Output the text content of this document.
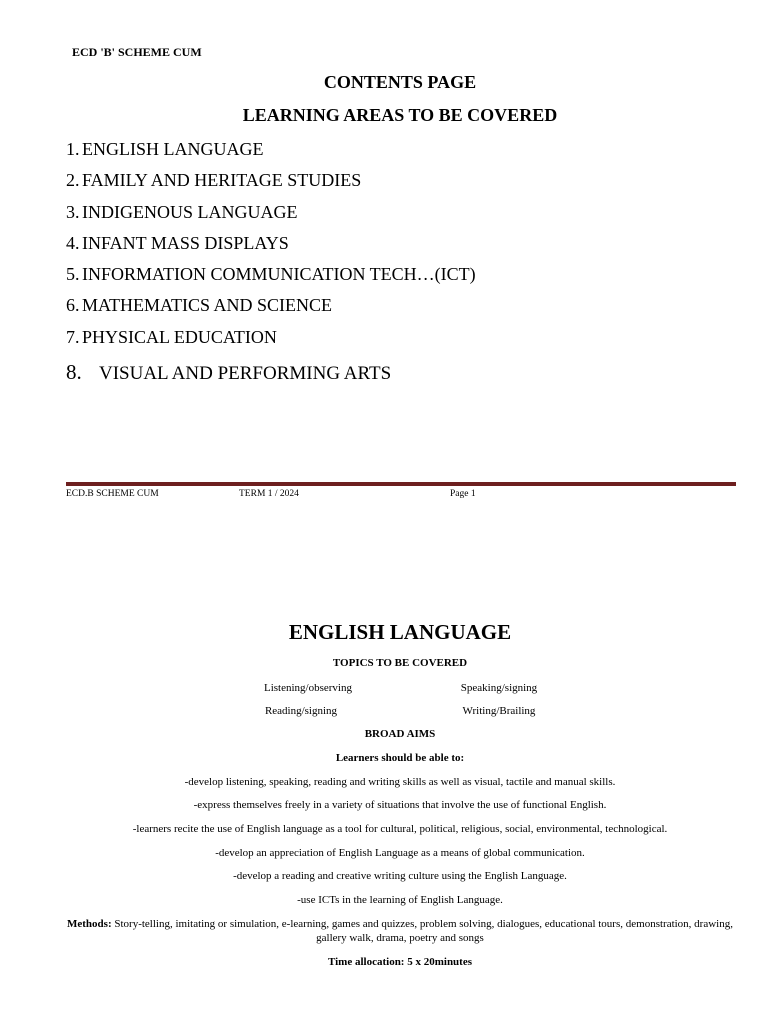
ECD 'B' SCHEME CUM
CONTENTS PAGE
LEARNING AREAS TO BE COVERED
1. ENGLISH LANGUAGE
2. FAMILY AND HERITAGE STUDIES
3. INDIGENOUS LANGUAGE
4. INFANT MASS DISPLAYS
5. INFORMATION COMMUNICATION TECH…(ICT)
6. MATHEMATICS AND SCIENCE
7. PHYSICAL EDUCATION
8. VISUAL AND PERFORMING ARTS
ECD.B SCHEME CUM	TERM 1 / 2024	Page 1
ENGLISH LANGUAGE
TOPICS TO BE COVERED
Listening/observing	Speaking/signing
Reading/signing	Writing/Brailing
BROAD AIMS
Learners should be able to:
-develop listening, speaking, reading and writing skills as well as visual, tactile and manual skills.
-express themselves freely in a variety of situations that involve the use of functional English.
-learners recite the use of English language as a tool for cultural, political, religious, social, environmental, technological.
-develop an appreciation of English Language as a means of global communication.
-develop a reading and creative writing culture using the English Language.
-use ICTs in the learning of English Language.
Methods: Story-telling, imitating or simulation, e-learning, games and quizzes, problem solving, dialogues, educational tours, demonstration, drawing, gallery walk, drama, poetry and songs
Time allocation: 5 x 20minutes
